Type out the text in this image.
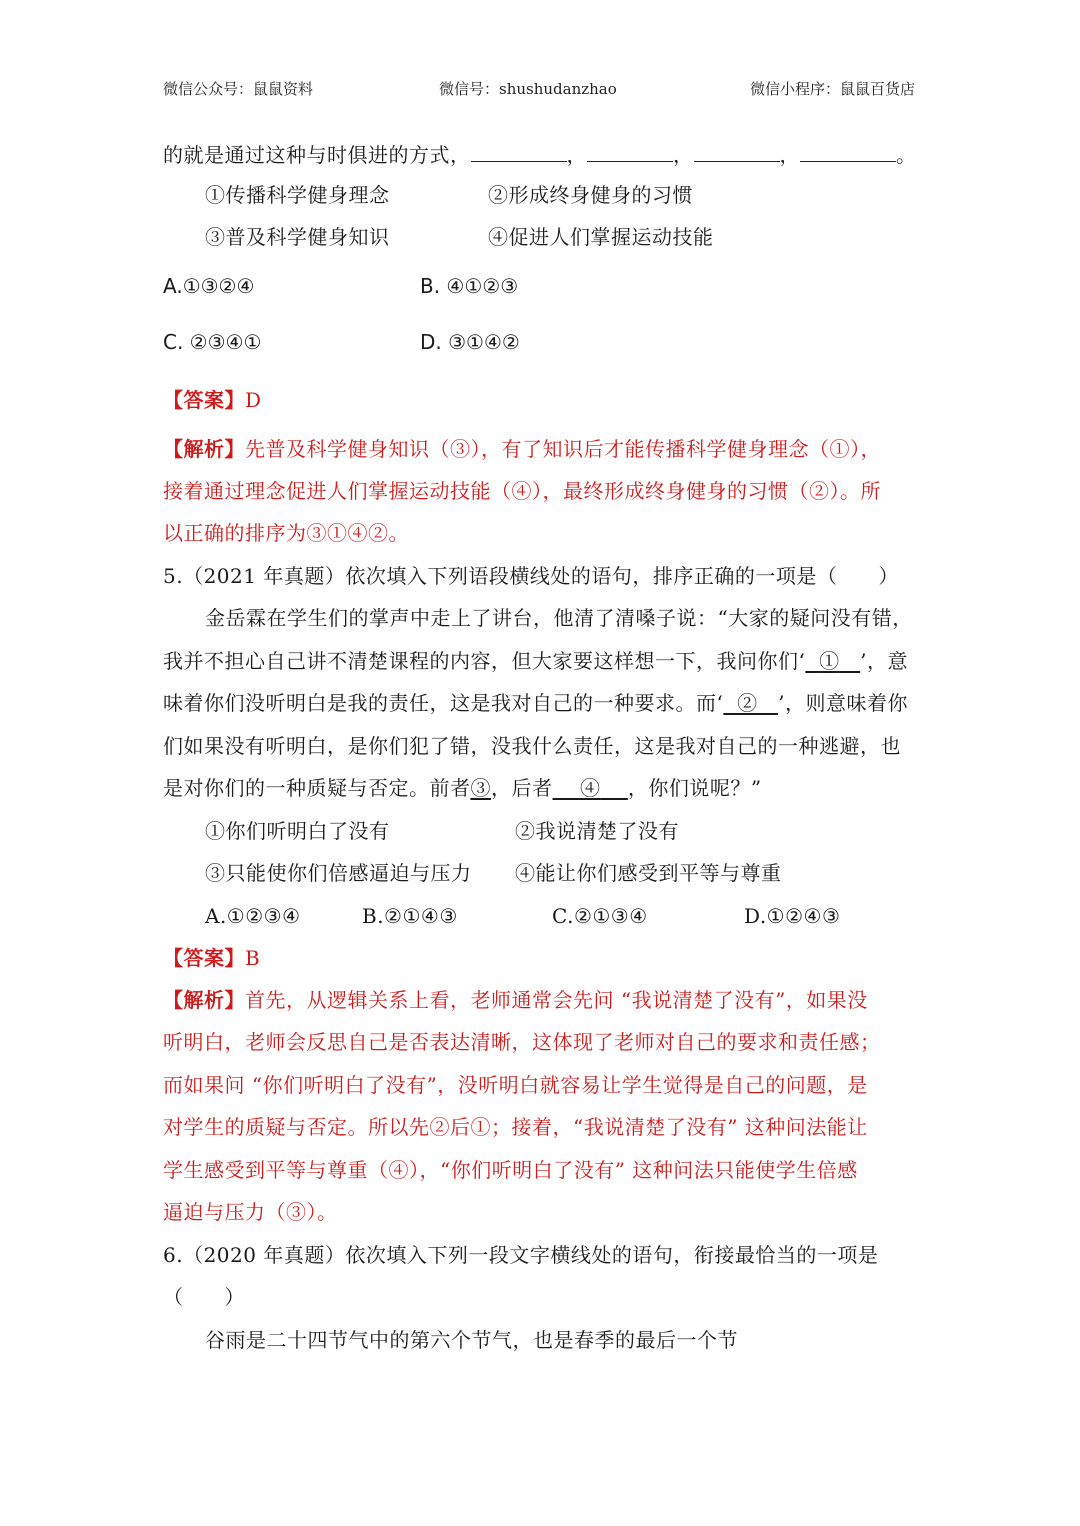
微信公众号：鼠鼠资料	微信号：shushudanzhao	微信小程序：鼠鼠百货店
的就是通过这种与时俱进的方式，	，	，	，	。
①传播科学健身理念	②形成终身健身的习惯
③普及科学健身知识	④促进人们掌握运动技能
A.①③②④	B. ④①②③
C. ②③④①	D. ③①④②
【答案】D
【解析】先普及科学健身知识（③），有了知识后才能传播科学健身理念（①），
接着通过理念促进人们掌握运动技能（④），最终形成终身健身的习惯（②）。所
以正确的排序为③①④②。
5.（2021 年真题）依次填入下列语段横线处的语句，排序正确的一项是（　　）
金岳霖在学生们的掌声中走上了讲台，他清了清嗓子说：“大家的疑问没有错，
我并不担心自己讲不清楚课程的内容，但大家要这样想一下，我问你们‘ ① ’，意
味着你们没听明白是我的责任，这是我对自己的一种要求。而‘ ② ’，则意味着你
们如果没有听明白，是你们犯了错，没我什么责任，这是我对自己的一种逃避，也
是对你们的一种质疑与否定。前者③，后者 ④ ，你们说呢？”
①你们听明白了没有	②我说清楚了没有
③只能使你们倍感逼迫与压力 ④能让你们感受到平等与尊重
A.①②③④	B.②①④③	C.②①③④	D.①②④③
【答案】B
【解析】首先，从逻辑关系上看，老师通常会先问 “我说清楚了没有”，如果没
听明白，老师会反思自己是否表达清晰，这体现了老师对自己的要求和责任感；
而如果问 “你们听明白了没有”，没听明白就容易让学生觉得是自己的问题，是
对学生的质疑与否定。所以先②后①；接着，“我说清楚了没有” 这种问法能让
学生感受到平等与尊重（④），“你们听明白了没有” 这种问法只能使学生倍感
逼迫与压力（③）。
6.（2020 年真题）依次填入下列一段文字横线处的语句，衔接最恰当的一项是
（　　）
谷雨是二十四节气中的第六个节气，也是春季的最后一个节
